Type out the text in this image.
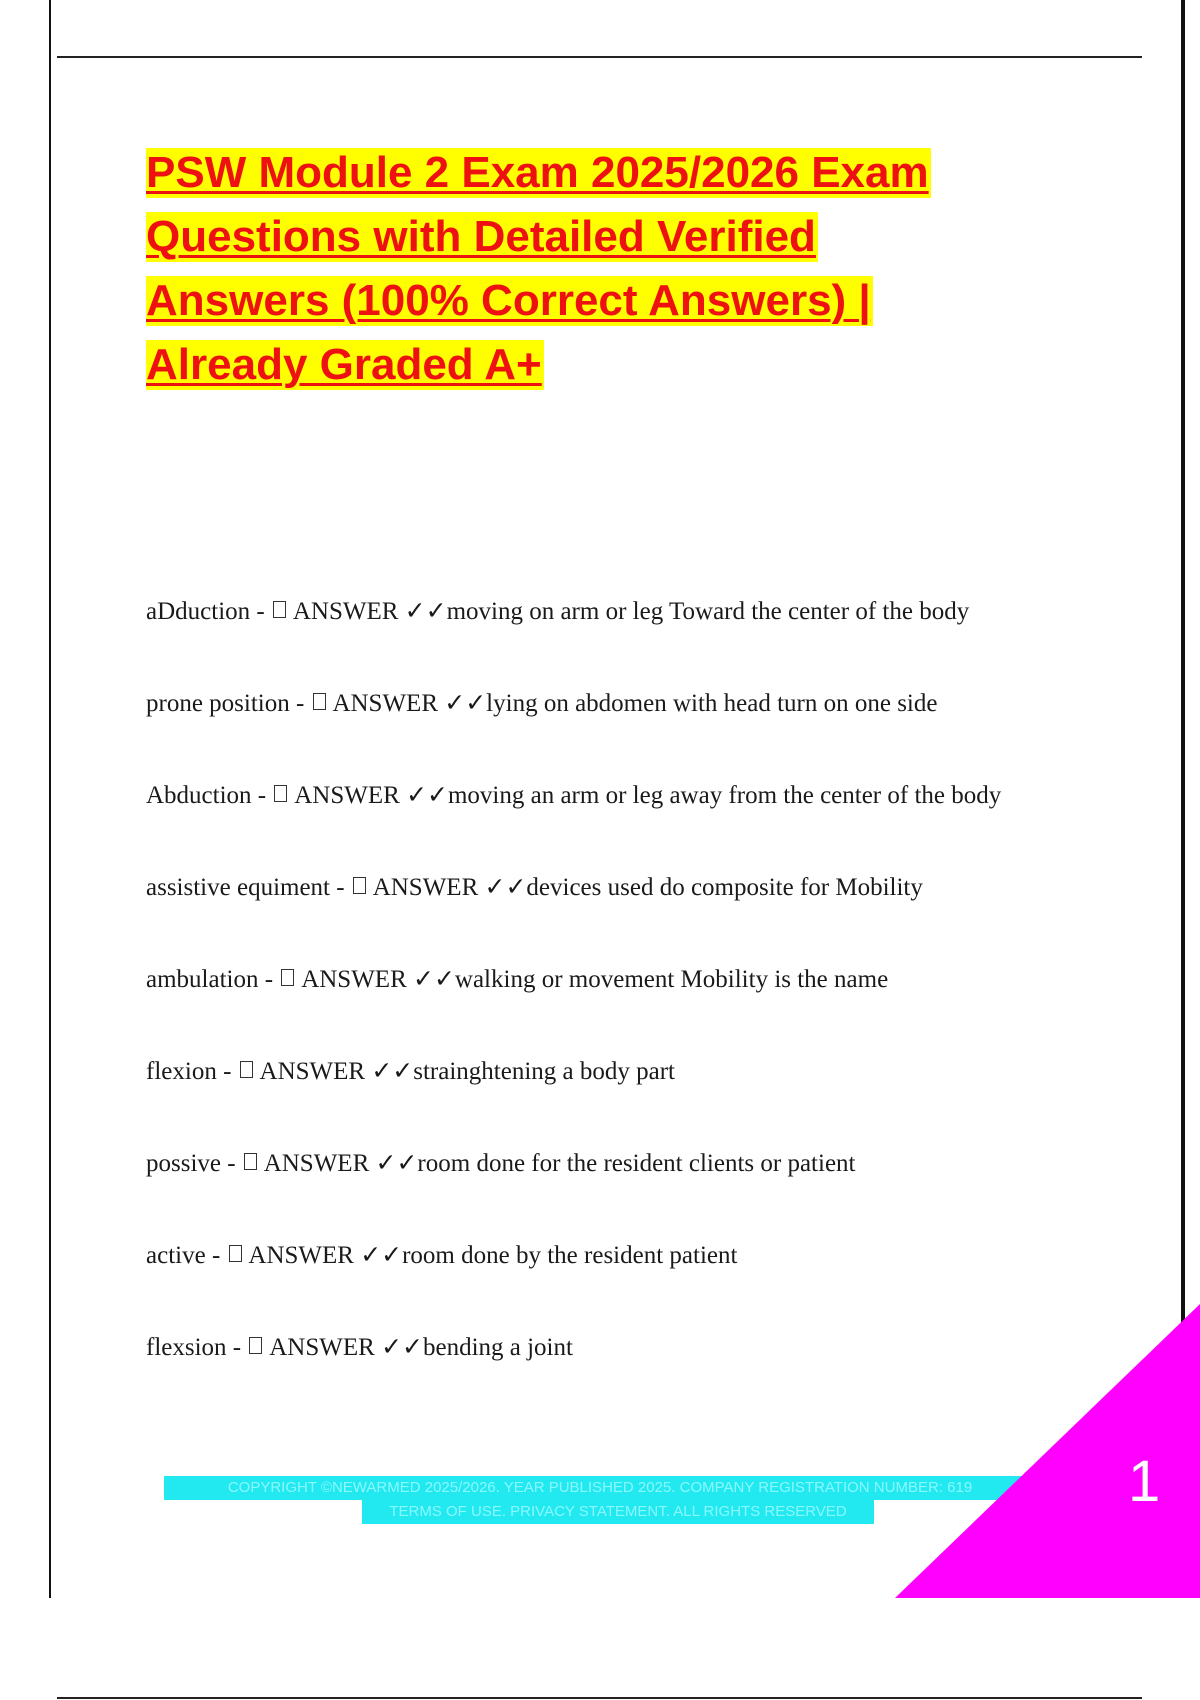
PSW Module 2 Exam 2025/2026 Exam
Questions with Detailed Verified
Answers (100% Correct Answers) |
Already Graded A+
aDduction -  ANSWER ✓✓moving on arm or leg Toward the center of the body
prone position -  ANSWER ✓✓lying on abdomen with head turn on one side
Abduction -  ANSWER ✓✓moving an arm or leg away from the center of the body
assistive equiment -  ANSWER ✓✓devices used do composite for Mobility
ambulation -  ANSWER ✓✓walking or movement Mobility is the name
flexion -  ANSWER ✓✓strainghtening a body part
possive -  ANSWER ✓✓room done for the resident clients or patient
active -  ANSWER ✓✓room done by the resident patient
flexsion -  ANSWER ✓✓bending a joint
COPYRIGHT ©NEWARMED 2025/2026. YEAR PUBLISHED 2025. COMPANY REGISTRATION NUMBER: 619
TERMS OF USE. PRIVACY STATEMENT. ALL RIGHTS RESERVED	1
